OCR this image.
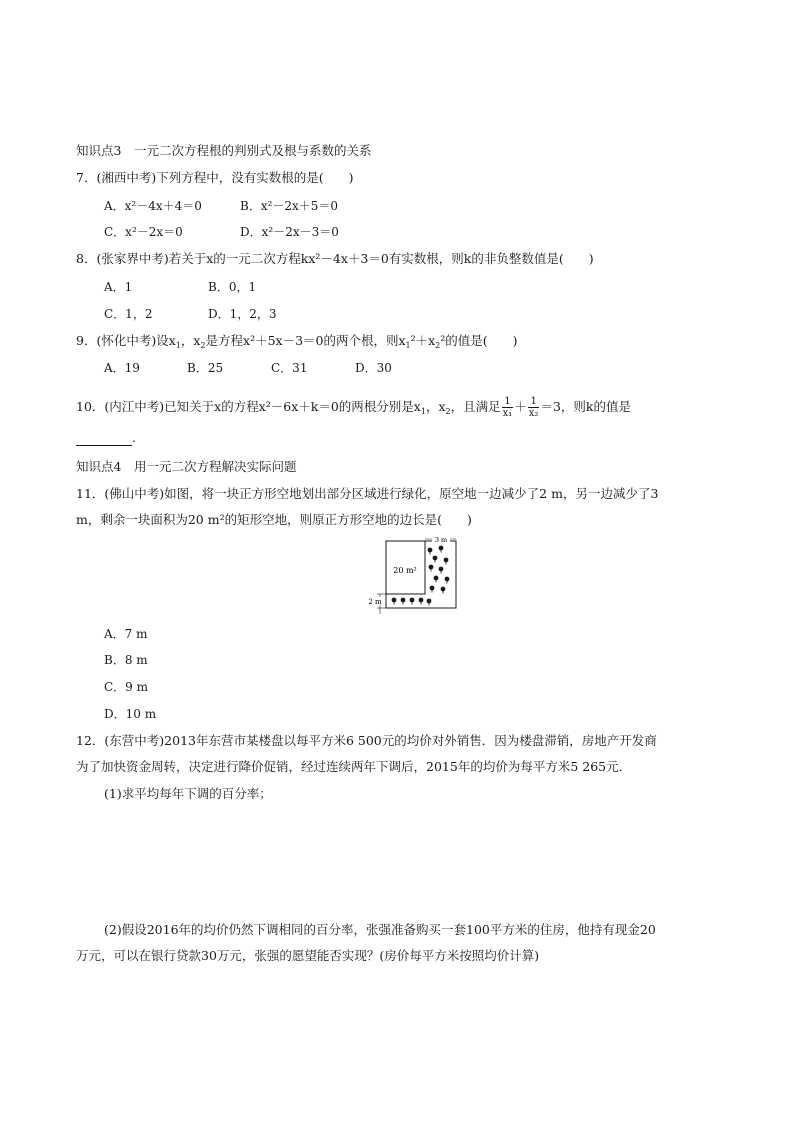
知识点3　一元二次方程根的判别式及根与系数的关系
7．(湘西中考)下列方程中，没有实数根的是(　　)
A．x²－4x＋4＝0	B．x²－2x＋5＝0
C．x²－2x＝0	D．x²－2x－3＝0
8．(张家界中考)若关于x的一元二次方程kx²－4x＋3＝0有实数根，则k的非负整数值是(　　)
A．1	B．0，1
C．1，2	D．1，2，3
9．(怀化中考)设$x_1$，$x_2$是方程x²＋5x－3＝0的两个根，则$x_1^2+x_2^2$的值是(　　)
A．19	B．25	C．31	D．30
10．(内江中考)已知关于x的方程x²－6x＋k＝0的两根分别是$x_1$，$x_2$，且满足 $\frac{1}{\text{x₁}} + \frac{1}{\text{x₂}} =3$，则k的值是
.
知识点4　用一元二次方程解决实际问题
11．(佛山中考)如图，将一块正方形空地划出部分区域进行绿化，原空地一边减少了2 m，另一边减少了3
m，剩余一块面积为20 m²的矩形空地，则原正方形空地的边长是(　　)
3 m
20 m²
2 m
A．7 m
B．8 m
C．9 m
D．10 m
12．(东营中考)2013年东营市某楼盘以每平方米6 500元的均价对外销售．因为楼盘滞销，房地产开发商
为了加快资金周转，决定进行降价促销，经过连续两年下调后，2015年的均价为每平方米5 265元．
(1)求平均每年下调的百分率；
(2)假设2016年的均价仍然下调相同的百分率，张强准备购买一套100平方米的住房，他持有现金20
万元，可以在银行贷款30万元，张强的愿望能否实现？(房价每平方米按照均价计算)
